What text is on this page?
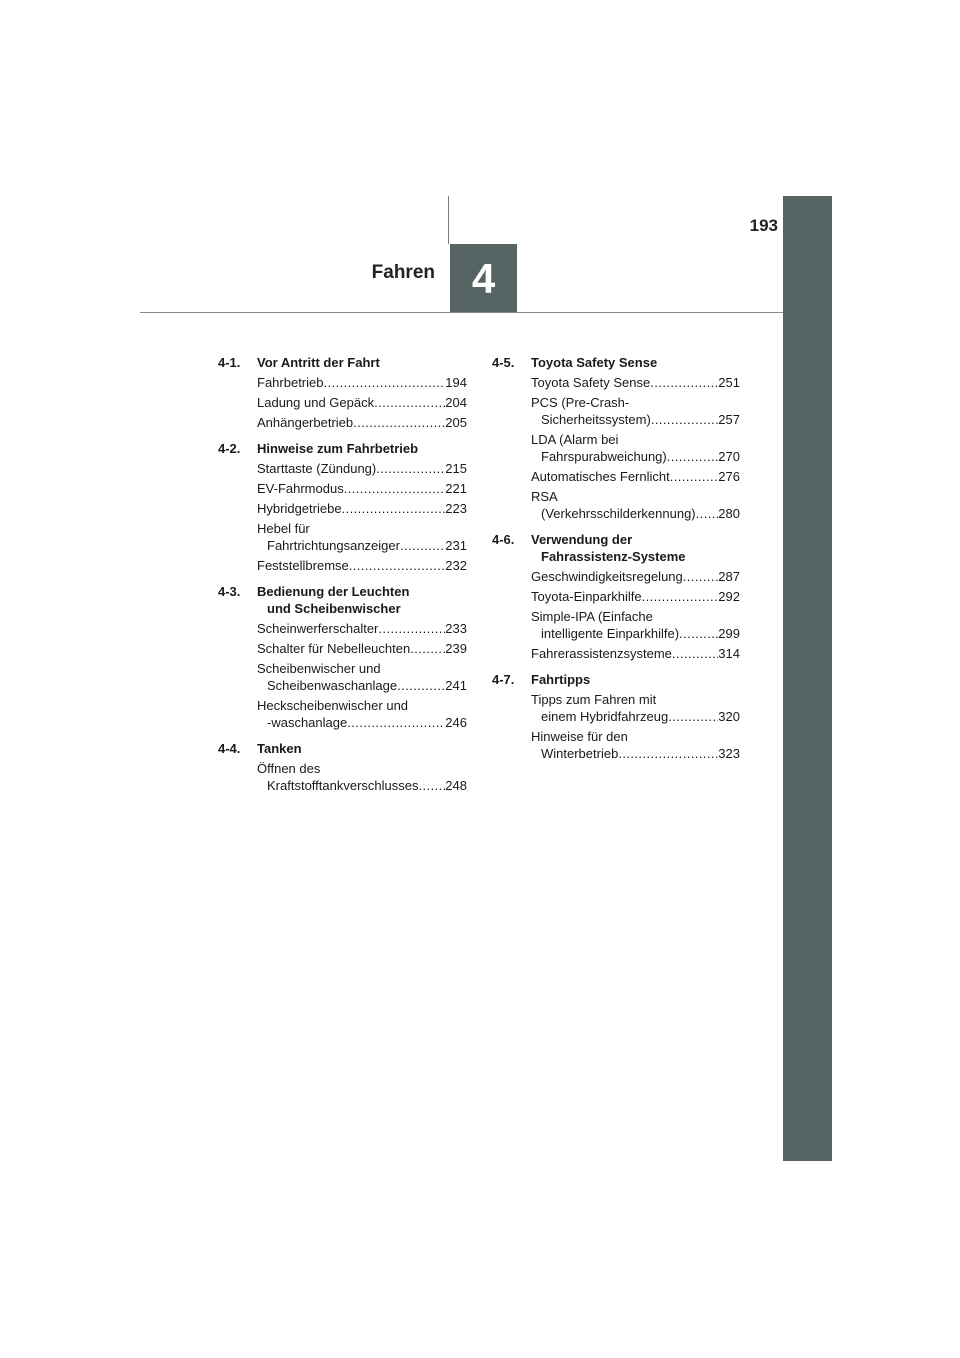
193
Fahren 4
4-1.	Vor Antritt der Fahrt
Fahrbetrieb . . .	194
Ladung und Gepäck . . .	204
Anhängerbetrieb . . .	205
4-2.	Hinweise zum Fahrbetrieb
Starttaste (Zündung) . . .	215
EV-Fahrmodus . . .	221
Hybridgetriebe . . .	223
Hebel für
Fahrtrichtungsanzeiger . . .	231
Feststellbremse . . .	232
4-3.	Bedienung der Leuchten
und Scheibenwischer
Scheinwerferschalter . . .	233
Schalter für Nebelleuchten . . .	239
Scheibenwischer und
Scheibenwaschanlage . . .	241
Heckscheibenwischer und
-waschanlage . . .	246
4-4.	Tanken
Öffnen des
Kraftstofftankverschlusses . . . 248
4-5.	Toyota Safety Sense
Toyota Safety Sense . . .	251
PCS (Pre-Crash-
Sicherheitssystem) . . .	257
LDA (Alarm bei
Fahrspurabweichung) . . .	270
Automatisches Fernlicht . . .	276
RSA
(Verkehrsschilderkennung) . . . 280
4-6.	Verwendung der
Fahrassistenz-Systeme
Geschwindigkeitsregelung . . .	287
Toyota-Einparkhilfe . . .	292
Simple-IPA (Einfache
intelligente Einparkhilfe) . . .	299
Fahrerassistenzsysteme . . .	314
4-7.	Fahrtipps
Tipps zum Fahren mit
einem Hybridfahrzeug . . .	320
Hinweise für den
Winterbetrieb . . .	323
